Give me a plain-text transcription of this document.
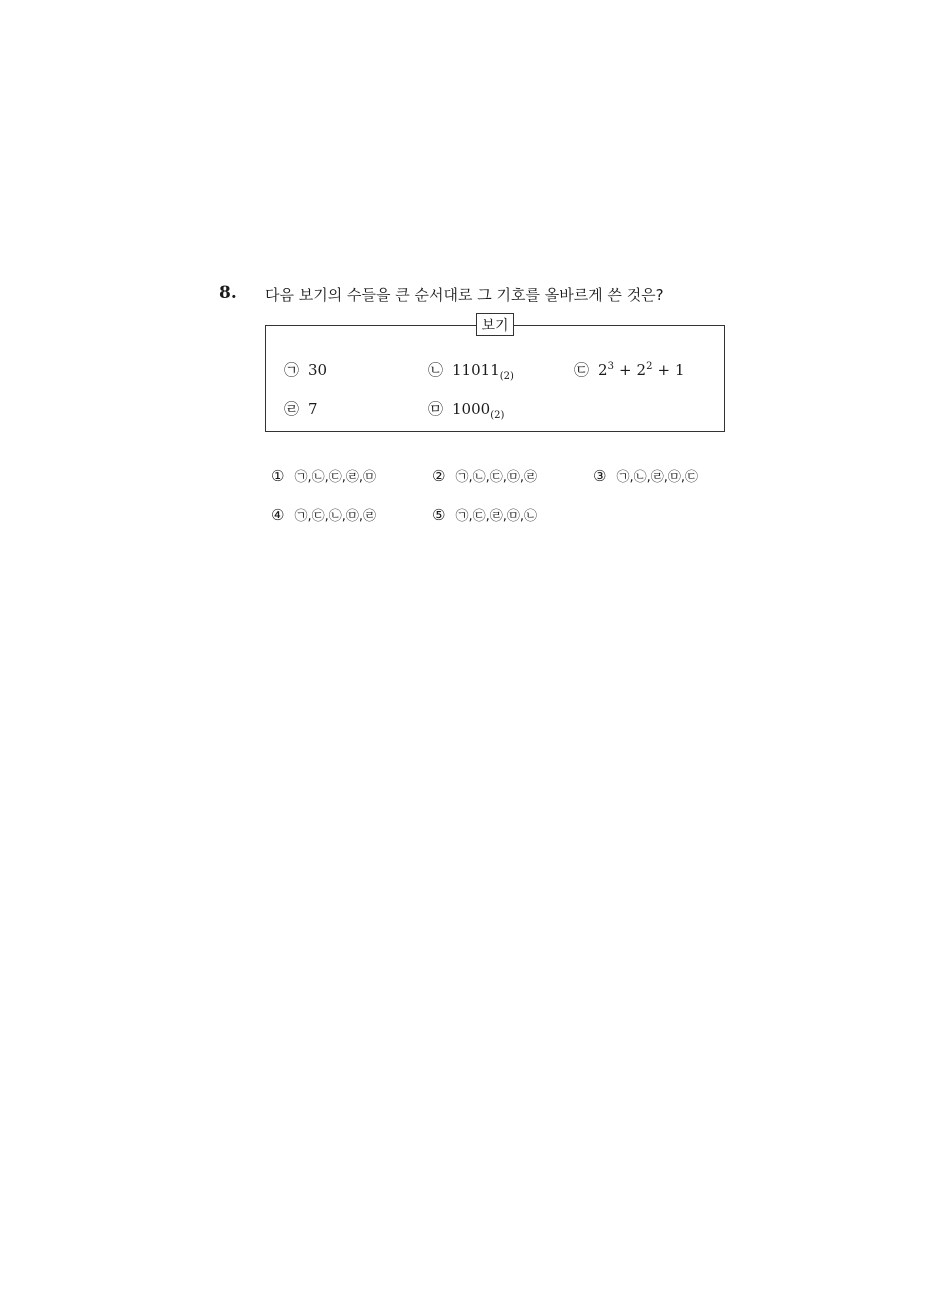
8. 다음 보기의 수들을 큰 순서대로 그 기호를 올바르게 쓴 것은?
보기
㉠ 30	㉡ 11011 (2)	㉢ 2 3 + 2 2 + 1
㉣ 7	㉤ 1000 (2)
① ㉠,㉡,㉢,㉣,㉤	② ㉠,㉡,㉢,㉤,㉣	③ ㉠,㉡,㉣,㉤,㉢
④ ㉠,㉢,㉡,㉤,㉣	⑤ ㉠,㉢,㉣,㉤,㉡
